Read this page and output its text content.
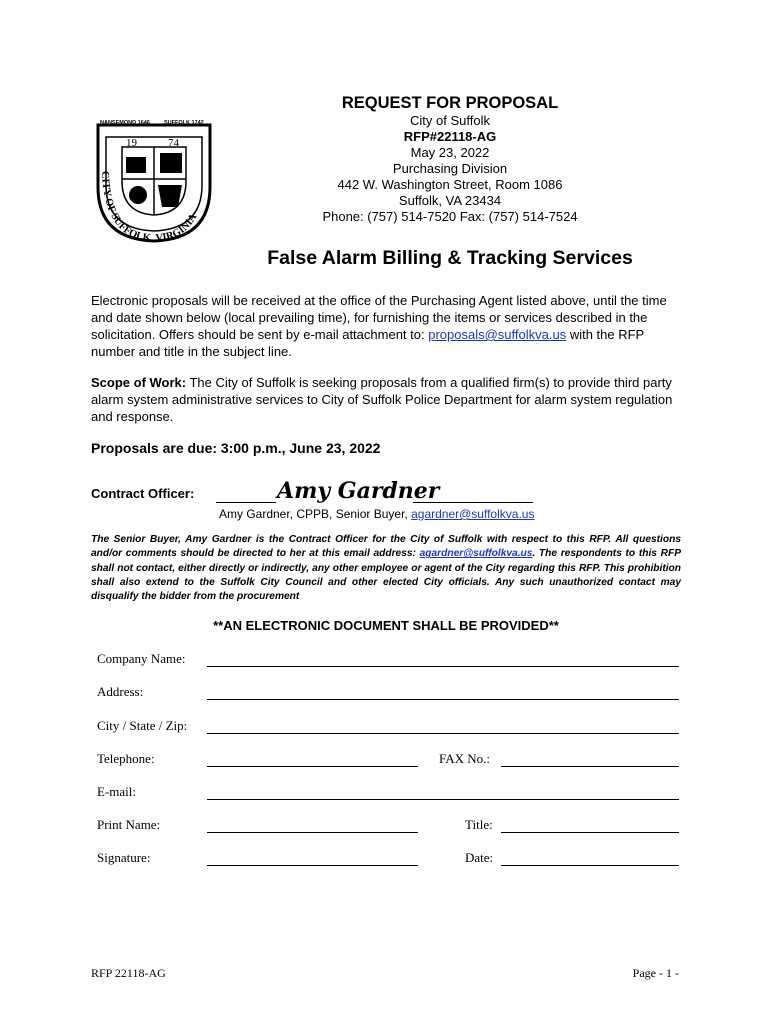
NANSEMOND 1646	SUFFOLK 1742
19	74
CITY OF SUFFOLK, VIRGINIA
REQUEST FOR PROPOSAL
City of Suffolk
RFP#22118-AG
May 23, 2022
Purchasing Division
442 W. Washington Street, Room 1086
Suffolk, VA 23434
Phone: (757) 514-7520 Fax: (757) 514-7524
False Alarm Billing & Tracking Services
Electronic proposals will be received at the office of the Purchasing Agent listed above, until the time and date shown below (local prevailing time), for furnishing the items or services described in the solicitation. Offers should be sent by e-mail attachment to: proposals@suffolkva.us with the RFP number and title in the subject line.
Scope of Work: The City of Suffolk is seeking proposals from a qualified firm(s) to provide third party alarm system administrative services to City of Suffolk Police Department for alarm system regulation and response.
Proposals are due: 3:00 p.m., June 23, 2022
Contract Officer:	Amy Gardner
Amy Gardner, CPPB, Senior Buyer, agardner@suffolkva.us
The Senior Buyer, Amy Gardner is the Contract Officer for the City of Suffolk with respect to this RFP. All questions and/or comments should be directed to her at this email address: agardner@suffolkva.us. The respondents to this RFP shall not contact, either directly or indirectly, any other employee or agent of the City regarding this RFP. This prohibition shall also extend to the Suffolk City Council and other elected City officials. Any such unauthorized contact may disqualify the bidder from the procurement
**AN ELECTRONIC DOCUMENT SHALL BE PROVIDED**
Company Name:
Address:
City / State / Zip:
Telephone:	FAX No.:
E-mail:
Print Name:	Title:
Signature:	Date:
RFP 22118-AG	Page - 1 -
